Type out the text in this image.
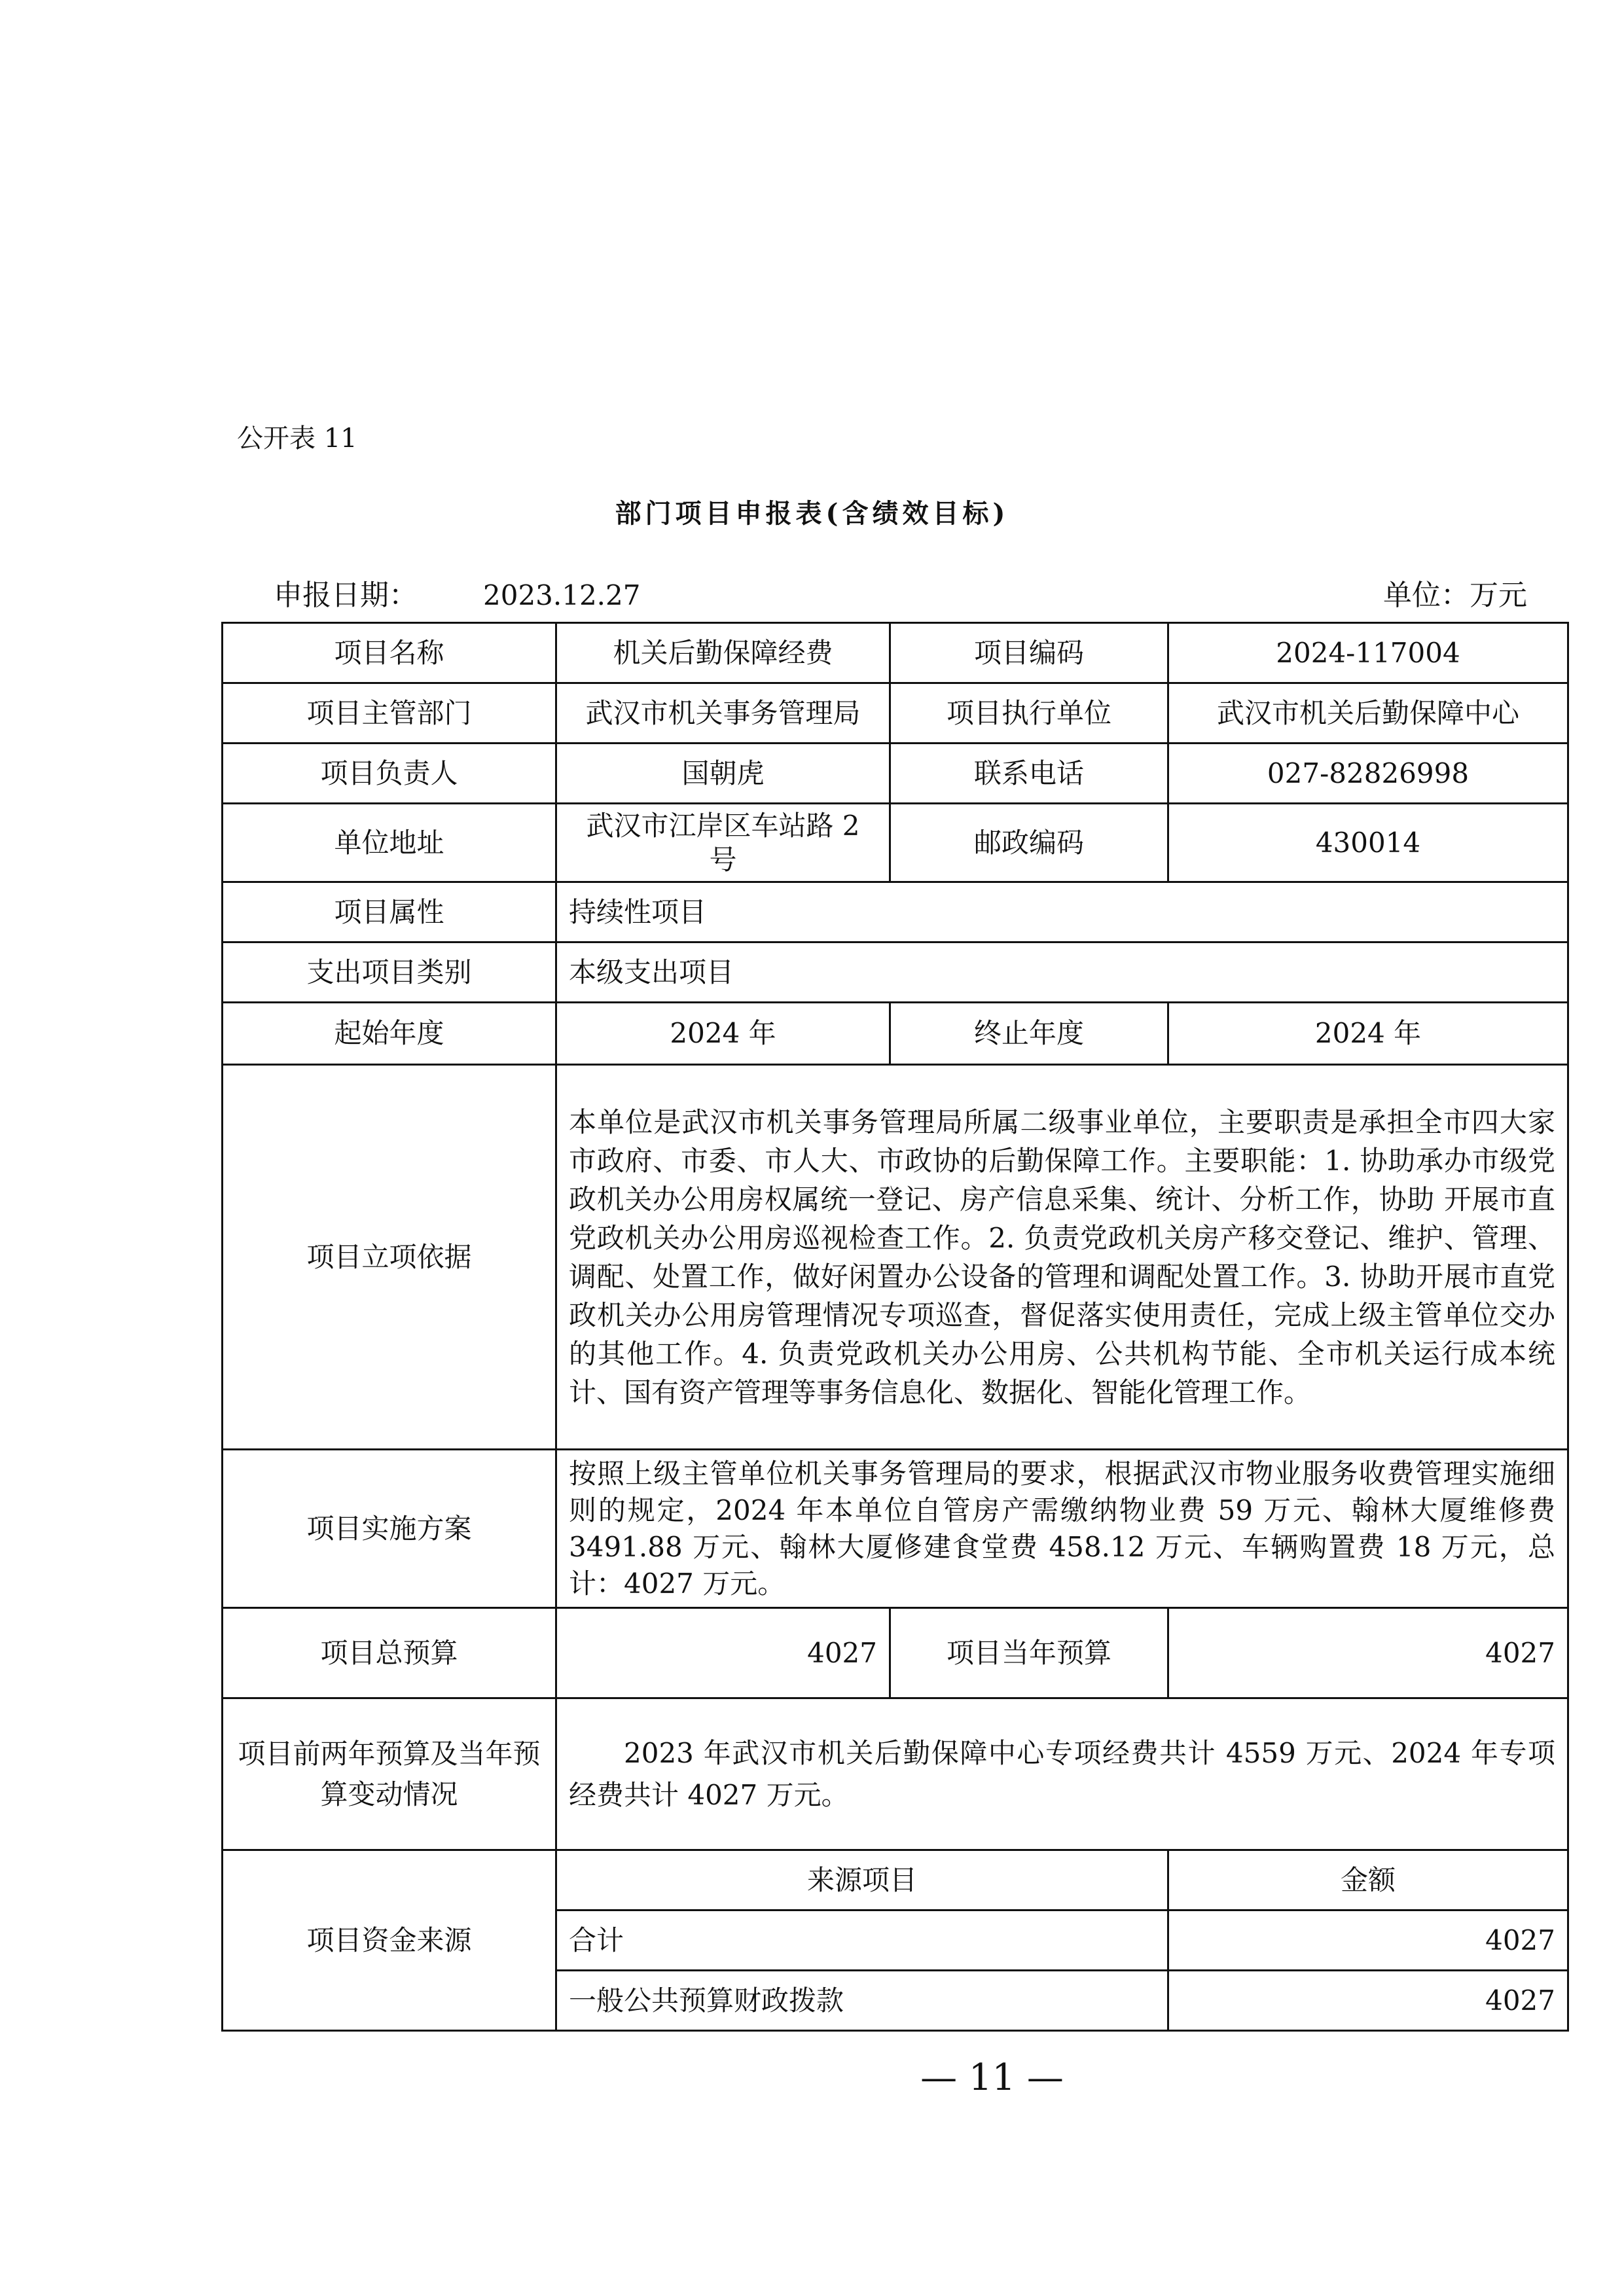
公开表 11
部门项目申报表(含绩效目标)
申报日期： 2023.12.27	单位：万元
项目名称	机关后勤保障经费	项目编码	2024-117004
项目主管部门	武汉市机关事务管理局	项目执行单位	武汉市机关后勤保障中心
项目负责人	国朝虎	联系电话	027-82826998
单位地址	武汉市江岸区车站路 2 号	邮政编码	430014
项目属性	持续性项目		
支出项目类别	本级支出项目		
起始年度	2024 年	终止年度	2024 年
项目立项依据	本单位是武汉市机关事务管理局所属二级事业单位，主要职责是承担全市四大家市政府、市委、市人大、市政协的后勤保障工作。主要职能：1. 协助承办市级党政机关办公用房权属统一登记、房产信息采集、统计、分析工作，协助 开展市直党政机关办公用房巡视检查工作。2. 负责党政机关房产移交登记、维护、管理、调配、处置工作，做好闲置办公设备的管理和调配处置工作。3. 协助开展市直党政机关办公用房管理情况专项巡查，督促落实使用责任，完成上级主管单位交办的其他工作。4. 负责党政机关办公用房、公共机构节能、全市机关运行成本统计、国有资产管理等事务信息化、数据化、智能化管理工作。		
项目实施方案	按照上级主管单位机关事务管理局的要求，根据武汉市物业服务收费管理实施细则的规定，2024 年本单位自管房产需缴纳物业费 59 万元、翰林大厦维修费 3491.88 万元、翰林大厦修建食堂费 458.12 万元、车辆购置费 18 万元，总计：4027 万元。		
项目总预算	4027	项目当年预算	4027
项目前两年预算及当年预算变动情况	2023 年武汉市机关后勤保障中心专项经费共计 4559 万元、2024 年专项经费共计 4027 万元。		
项目资金来源	来源项目		金额
	合计		4027
	一般公共预算财政拨款		4027
— 11 —
